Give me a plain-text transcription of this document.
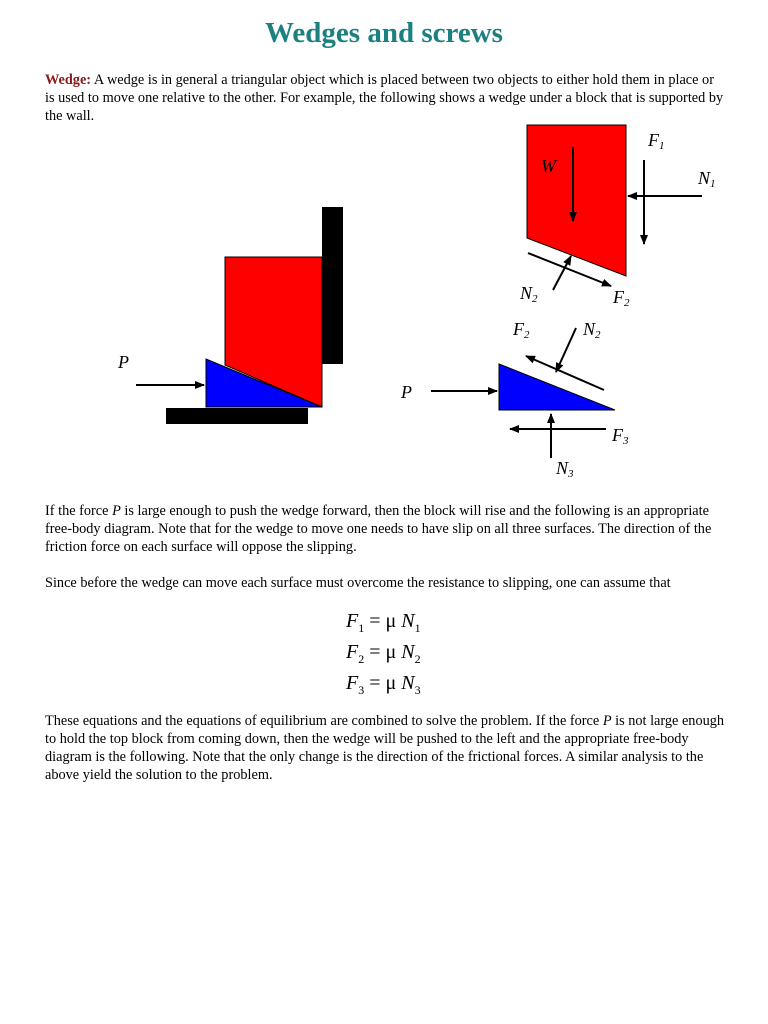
Wedges and screws

Wedge: A wedge is in general a triangular object which is placed between two objects to either hold them in place or is used to move one relative to the other. For example, the following shows a wedge under a block that is supported by the wall.

P
W
F1
N1
N2	F2
P
F2	N2
F3
N3

If the force P is large enough to push the wedge forward, then the block will rise and the following is an appropriate free-body diagram. Note that for the wedge to move one needs to have slip on all three surfaces. The direction of the friction force on each surface will oppose the slipping.

Since before the wedge can move each surface must overcome the resistance to slipping, one can assume that

$F_1 = \mu$ $N_1$
$F_2 = \mu$ $N_2$
$F_3 = \mu$ $N_3$

These equations and the equations of equilibrium are combined to solve the problem. If the force P is not large enough to hold the top block from coming down, then the wedge will be pushed to the left and the appropriate free-body diagram is the following. Note that the only change is the direction of the frictional forces. A similar analysis to the above yield the solution to the problem.
